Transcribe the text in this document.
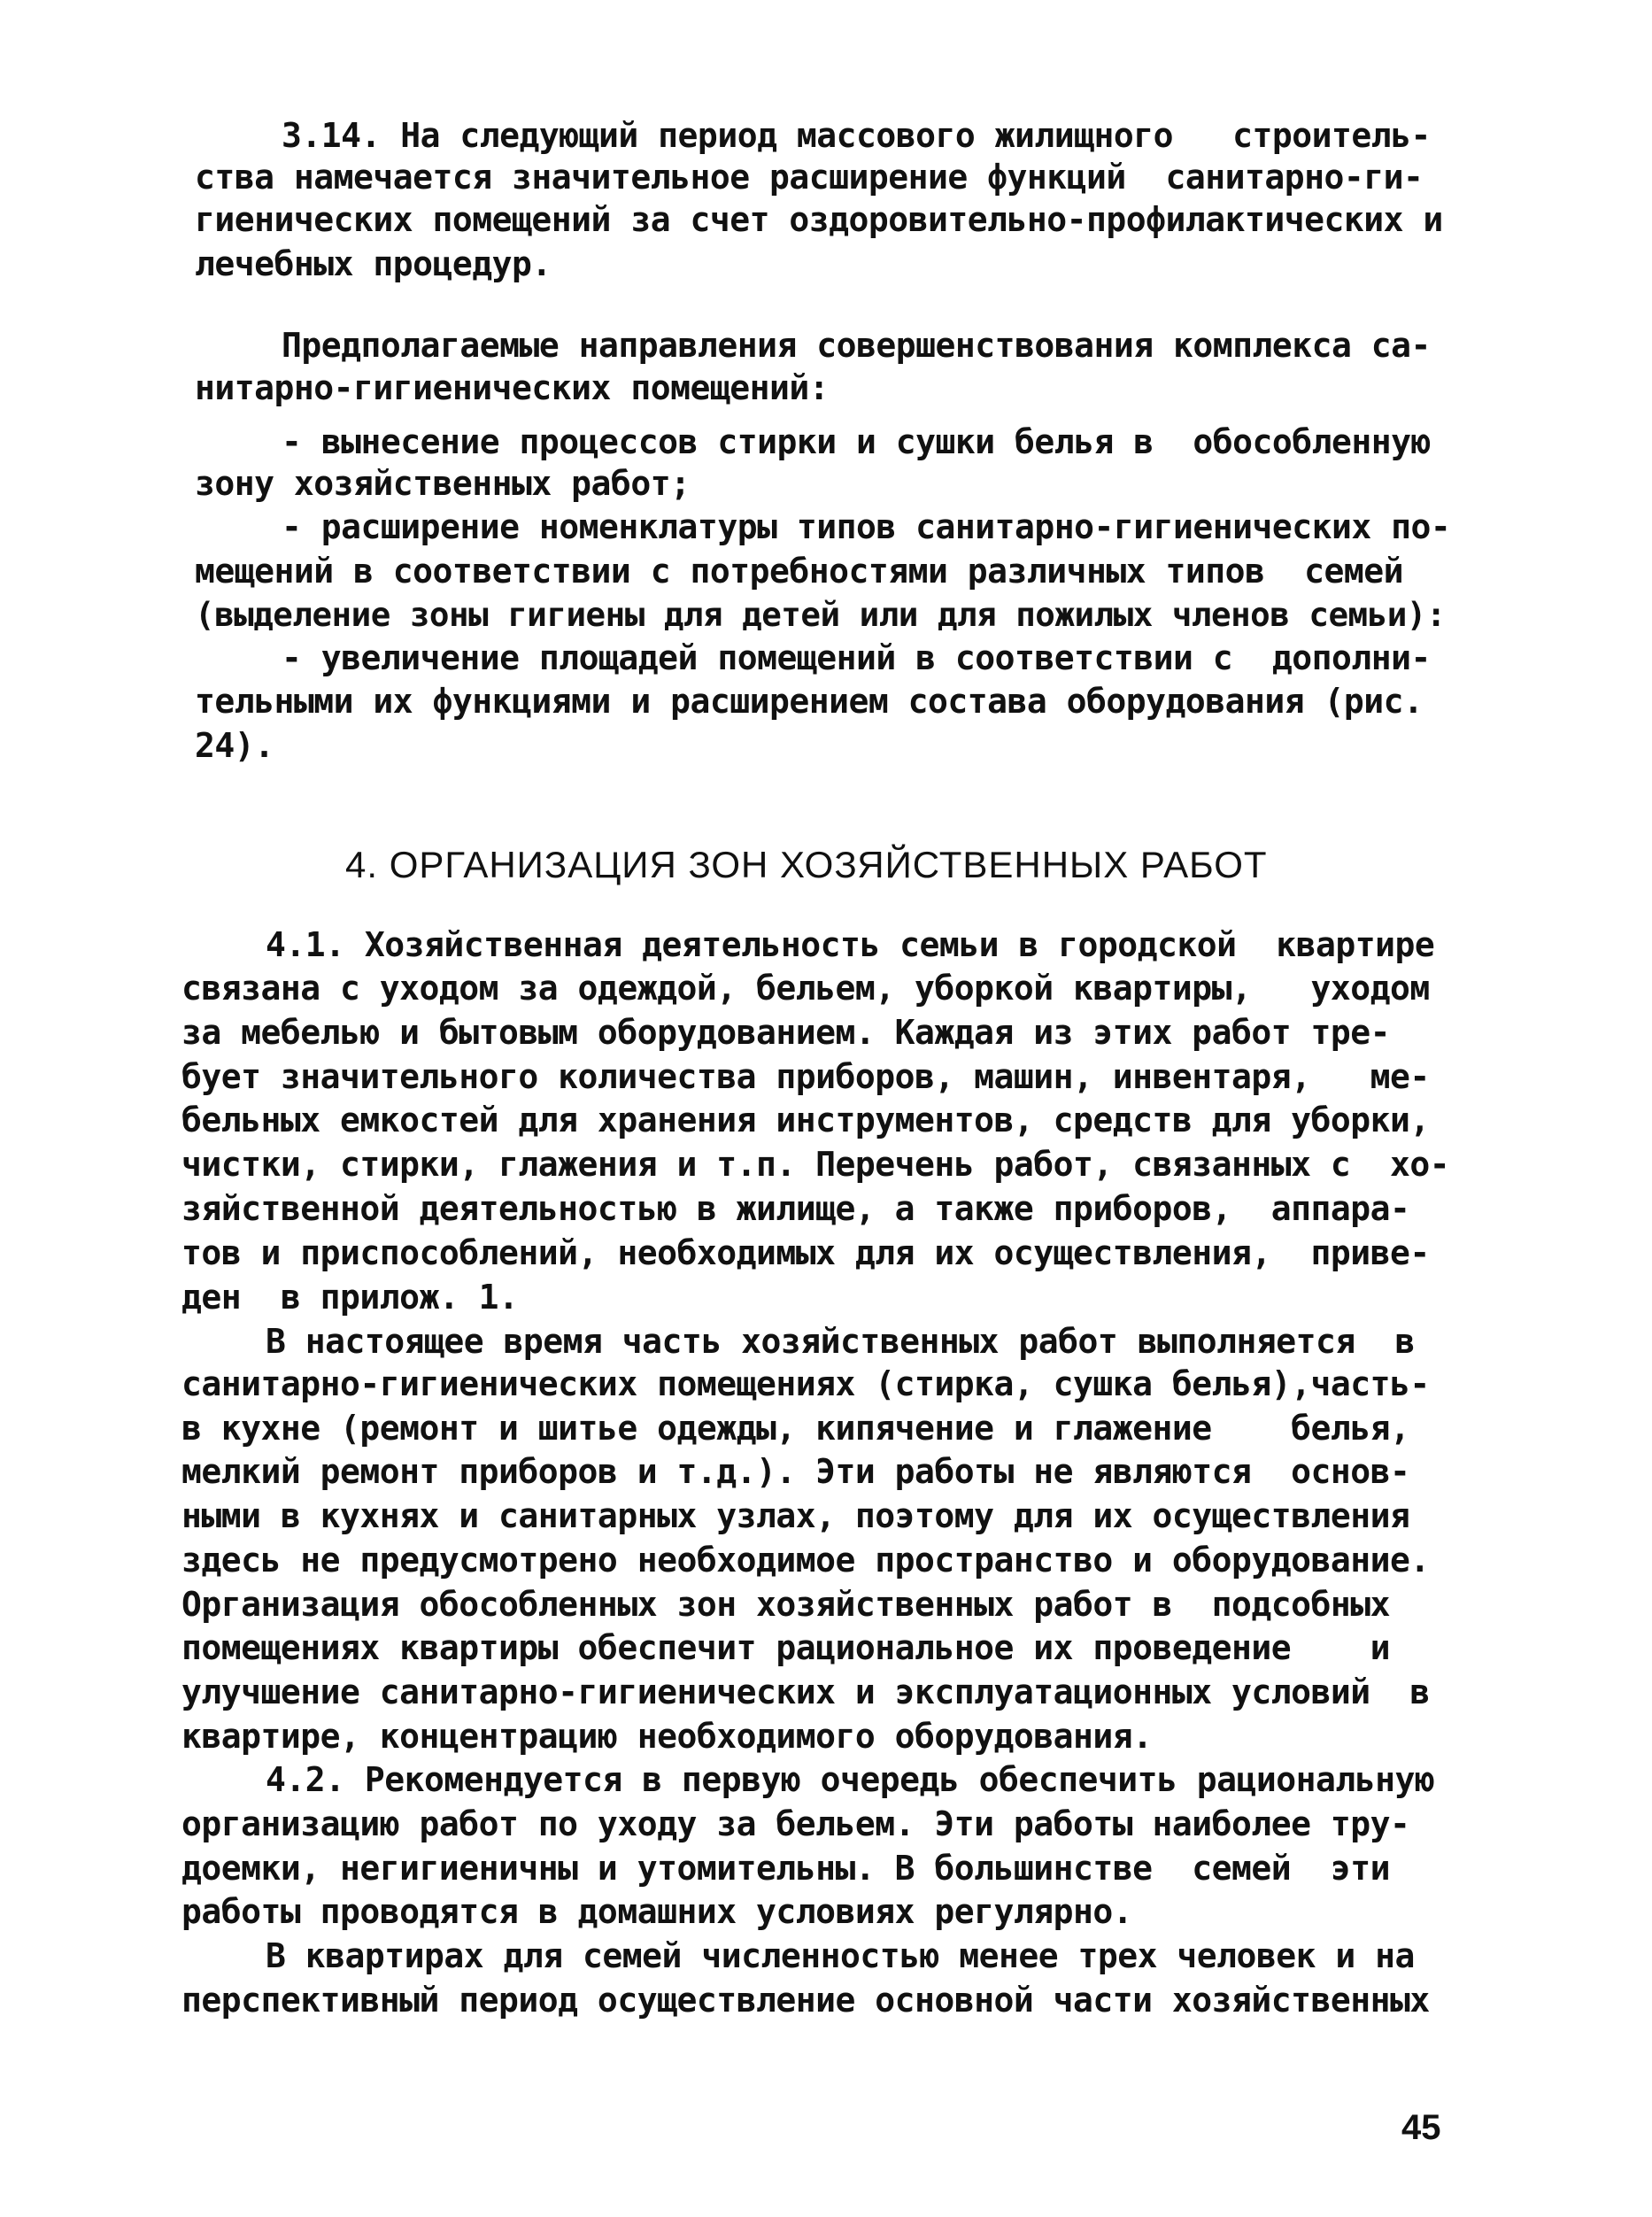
3.14. На следующий период массового жилищного   строитель-
ства намечается значительное расширение функций  санитарно-ги-
гиенических помещений за счет оздоровительно-профилактических и
лечебных процедур.
Предполагаемые направления совершенствования комплекса са-
нитарно-гигиенических помещений:
- вынесение процессов стирки и сушки белья в  обособленную
зону хозяйственных работ;
- расширение номенклатуры типов санитарно-гигиенических по-
мещений в соответствии с потребностями различных типов  семей
(выделение зоны гигиены для детей или для пожилых членов семьи):
- увеличение площадей помещений в соответствии с  дополни-
тельными их функциями и расширением состава оборудования (рис.
24).
4. ОРГАНИЗАЦИЯ ЗОН ХОЗЯЙСТВЕННЫХ РАБОТ
4.1. Хозяйственная деятельность семьи в городской  квартире
связана с уходом за одеждой, бельем, уборкой квартиры,   уходом
за мебелью и бытовым оборудованием. Каждая из этих работ тре-
бует значительного количества приборов, машин, инвентаря,   ме-
бельных емкостей для хранения инструментов, средств для уборки,
чистки, стирки, глажения и т.п. Перечень работ, связанных с  хо-
зяйственной деятельностью в жилище, а также приборов,  аппара-
тов и приспособлений, необходимых для их осуществления,  приве-
ден  в прилож. 1.
В настоящее время часть хозяйственных работ выполняется  в
санитарно-гигиенических помещениях (стирка, сушка белья),часть-
в кухне (ремонт и шитье одежды, кипячение и глажение    белья,
мелкий ремонт приборов и т.д.). Эти работы не являются  основ-
ными в кухнях и санитарных узлах, поэтому для их осуществления
здесь не предусмотрено необходимое пространство и оборудование.
Организация обособленных зон хозяйственных работ в  подсобных
помещениях квартиры обеспечит рациональное их проведение    и
улучшение санитарно-гигиенических и эксплуатационных условий  в
квартире, концентрацию необходимого оборудования.
4.2. Рекомендуется в первую очередь обеспечить рациональную
организацию работ по уходу за бельем. Эти работы наиболее тру-
доемки, негигиеничны и утомительны. В большинстве  семей  эти
работы проводятся в домашних условиях регулярно.
В квартирах для семей численностью менее трех человек и на
перспективный период осуществление основной части хозяйственных
45
